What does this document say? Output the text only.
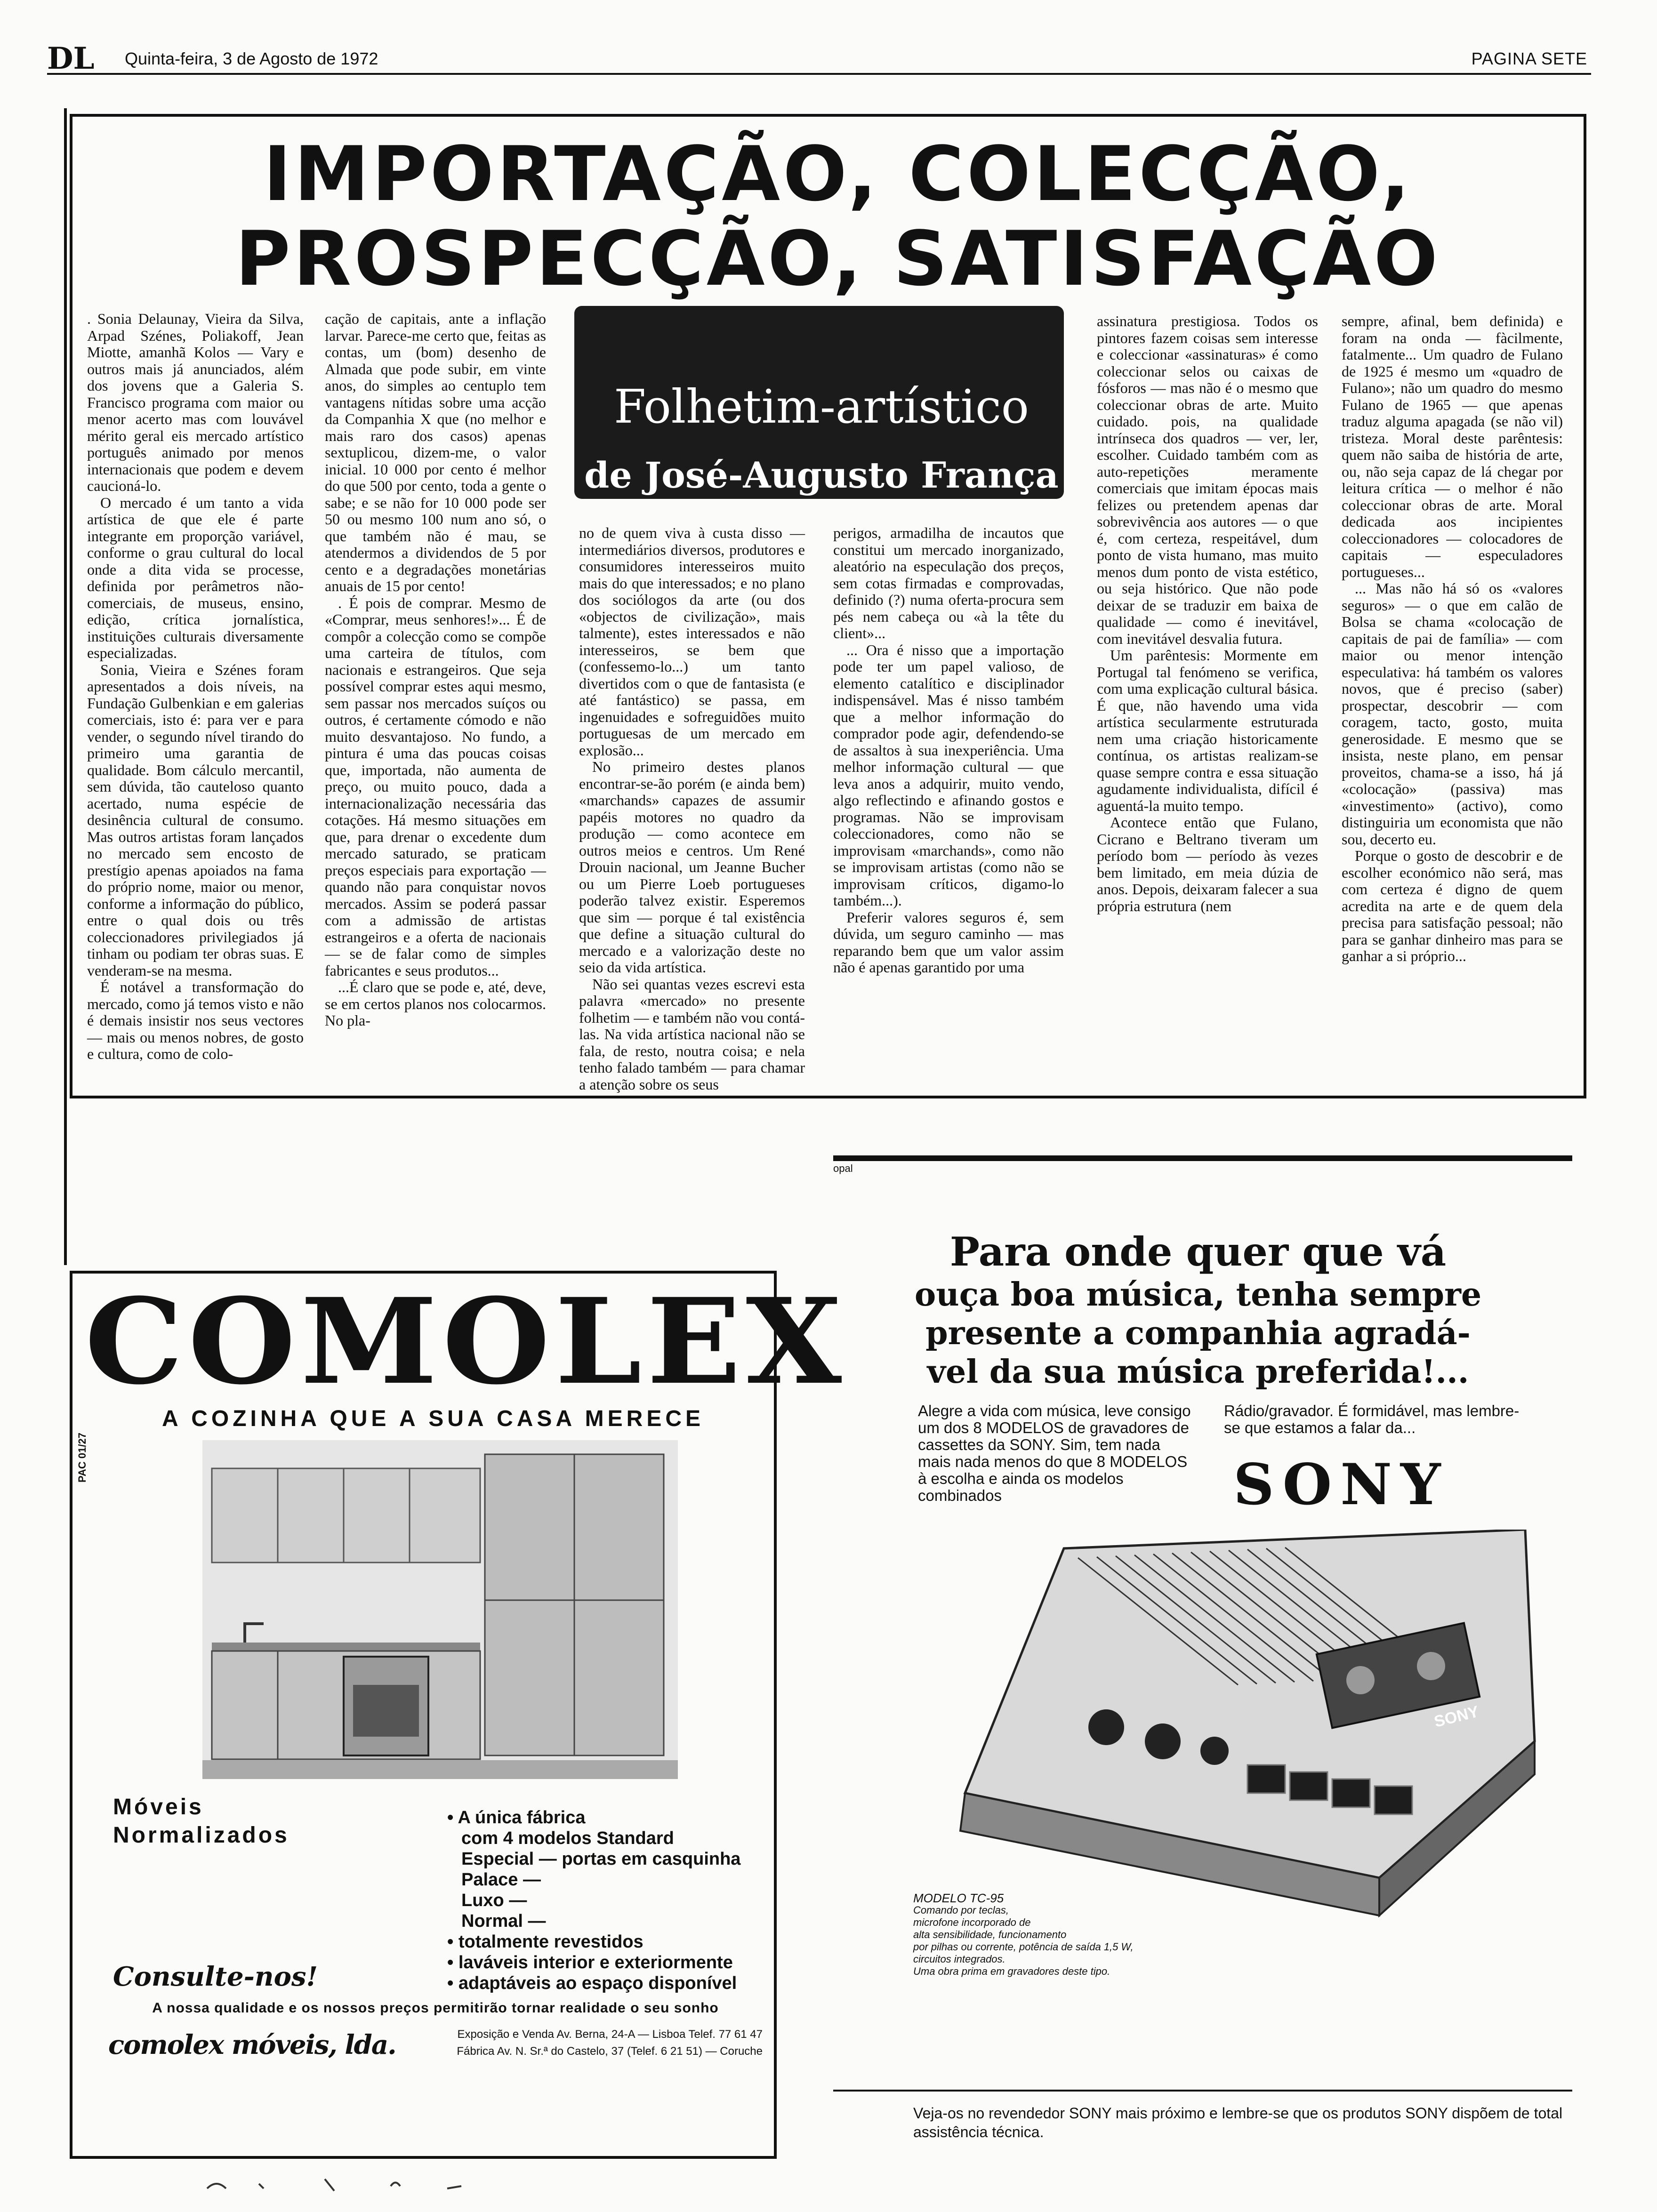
DL Quinta-feira, 3 de Agosto de 1972	PAGINA SETE
IMPORTAÇÃO, COLECÇÃO,
PROSPECÇÃO, SATISFAÇÃO
Folhetim-artístico
de José-Augusto França

. Sonia Delaunay, Vieira da Silva, Arpad Szénes, Poliakoff, Jean Miotte, amanhã Kolos — Vary e outros mais já anunciados, além dos jovens que a Galeria S. Francisco programa com maior ou menor acerto mas com louvável mérito geral eis mercado artístico português animado por menos internacionais que podem e devem caucioná-lo.

O mercado é um tanto a vida artística de que ele é parte integrante em proporção variável, conforme o grau cultural do local onde a dita vida se processe, definida por perâmetros não-comerciais, de museus, ensino, edição, crítica jornalística, instituições culturais diversamente especializadas.

Sonia, Vieira e Szénes foram apresentados a dois níveis, na Fundação Gulbenkian e em galerias comerciais, isto é: para ver e para vender, o segundo nível tirando do primeiro uma garantia de qualidade. Bom cálculo mercantil, sem dúvida, tão cauteloso quanto acertado, numa espécie de desinência cultural de consumo. Mas outros artistas foram lançados no mercado sem encosto de prestígio apenas apoiados na fama do próprio nome, maior ou menor, conforme a informação do público, entre o qual dois ou três coleccionadores privilegiados já tinham ou podiam ter obras suas. E venderam-se na mesma.

É notável a transformação do mercado, como já temos visto e não é demais insistir nos seus vectores — mais ou menos nobres, de gosto e cultura, como de colo-

cação de capitais, ante a inflação larvar. Parece-me certo que, feitas as contas, um (bom) desenho de Almada que pode subir, em vinte anos, do simples ao centuplo tem vantagens nítidas sobre uma acção da Companhia X que (no melhor e mais raro dos casos) apenas sextuplicou, dizem-me, o valor inicial. 10 000 por cento é melhor do que 500 por cento, toda a gente o sabe; e se não for 10 000 pode ser 50 ou mesmo 100 num ano só, o que também não é mau, se atendermos a dividendos de 5 por cento e a degradações monetárias anuais de 15 por cento!

. É pois de comprar. Mesmo de «Comprar, meus senhores!»... É de compôr a colecção como se compõe uma carteira de títulos, com nacionais e estrangeiros. Que seja possível comprar estes aqui mesmo, sem passar nos mercados suíços ou outros, é certamente cómodo e não muito desvantajoso. No fundo, a pintura é uma das poucas coisas que, importada, não aumenta de preço, ou muito pouco, dada a internacionalização necessária das cotações. Há mesmo situações em que, para drenar o excedente dum mercado saturado, se praticam preços especiais para exportação — quando não para conquistar novos mercados. Assim se poderá passar com a admissão de artistas estrangeiros e a oferta de nacionais — se de falar como de simples fabricantes e seus produtos...

...É claro que se pode e, até, deve, se em certos planos nos colocarmos. No pla-

no de quem viva à custa disso — intermediários diversos, produtores e consumidores interesseiros muito mais do que interessados; e no plano dos sociólogos da arte (ou dos «objectos de civilização», mais talmente), estes interessados e não interesseiros, se bem que (confessemo-lo...) um tanto divertidos com o que de fantasista (e até fantástico) se passa, em ingenuidades e sofreguidões muito portuguesas de um mercado em explosão...

No primeiro destes planos encontrar-se-ão porém (e ainda bem) «marchands» capazes de assumir papéis motores no quadro da produção — como acontece em outros meios e centros. Um René Drouin nacional, um Jeanne Bucher ou um Pierre Loeb portugueses poderão talvez existir. Esperemos que sim — porque é tal existência que define a situação cultural do mercado e a valorização deste no seio da vida artística.

Não sei quantas vezes escrevi esta palavra «mercado» no presente folhetim — e também não vou contá-las. Na vida artística nacional não se fala, de resto, noutra coisa; e nela tenho falado também — para chamar a atenção sobre os seus

perigos, armadilha de incautos que constitui um mercado inorganizado, aleatório na especulação dos preços, sem cotas firmadas e comprovadas, definido (?) numa oferta-procura sem pés nem cabeça ou «à la tête du client»...

... Ora é nisso que a importação pode ter um papel valioso, de elemento catalítico e disciplinador indispensável. Mas é nisso também que a melhor informação do comprador pode agir, defendendo-se de assaltos à sua inexperiência. Uma melhor informação cultural — que leva anos a adquirir, muito vendo, algo reflectindo e afinando gostos e programas. Não se improvisam coleccionadores, como não se improvisam «marchands», como não se improvisam artistas (como não se improvisam críticos, digamo-lo também...).

Preferir valores seguros é, sem dúvida, um seguro caminho — mas reparando bem que um valor assim não é apenas garantido por uma

assinatura prestigiosa. Todos os pintores fazem coisas sem interesse e coleccionar «assinaturas» é como coleccionar selos ou caixas de fósforos — mas não é o mesmo que coleccionar obras de arte. Muito cuidado. pois, na qualidade intrínseca dos quadros — ver, ler, escolher. Cuidado também com as auto-repetições meramente comerciais que imitam épocas mais felizes ou pretendem apenas dar sobrevivência aos autores — o que é, com certeza, respeitável, dum ponto de vista humano, mas muito menos dum ponto de vista estético, ou seja histórico. Que não pode deixar de se traduzir em baixa de qualidade — como é inevitável, com inevitável desvalia futura.

Um parêntesis: Mormente em Portugal tal fenómeno se verifica, com uma explicação cultural básica. É que, não havendo uma vida artística secularmente estruturada nem uma criação historicamente contínua, os artistas realizam-se quase sempre contra e essa situação agudamente individualista, difícil é aguentá-la muito tempo.

Acontece então que Fulano, Cicrano e Beltrano tiveram um período bom — período às vezes bem limitado, em meia dúzia de anos. Depois, deixaram falecer a sua própria estrutura (nem

sempre, afinal, bem definida) e foram na onda — fàcilmente, fatalmente... Um quadro de Fulano de 1925 é mesmo um «quadro de Fulano»; não um quadro do mesmo Fulano de 1965 — que apenas traduz alguma apagada (se não vil) tristeza. Moral deste parêntesis: quem não saiba de história de arte, ou, não seja capaz de lá chegar por leitura crítica — o melhor é não coleccionar obras de arte. Moral dedicada aos incipientes coleccionadores — colocadores de capitais — especuladores portugueses...

... Mas não há só os «valores seguros» — o que em calão de Bolsa se chama «colocação de capitais de pai de família» — com maior ou menor intenção especulativa: há também os valores novos, que é preciso (saber) prospectar, descobrir — com coragem, tacto, gosto, muita generosidade. E mesmo que se insista, neste plano, em pensar proveitos, chama-se a isso, há já «colocação» (passiva) mas «investimento» (activo), como distinguiria um economista que não sou, decerto eu.

Porque o gosto de descobrir e de escolher económico não será, mas com certeza é digno de quem acredita na arte e de quem dela precisa para satisfação pessoal; não para se ganhar dinheiro mas para se ganhar a si próprio...

COMOLEX
A COZINHA QUE A SUA CASA MERECE
PAC 01/27
Móveis
Normalizados
• A única fábrica
com 4 modelos Standard
Especial — portas em casquinha
Palace —
Luxo —
Normal —
• totalmente revestidos
• laváveis interior e exteriormente
• adaptáveis ao espaço disponível
Consulte-nos!
A nossa qualidade e os nossos preços permitirão tornar realidade o seu sonho
comolex móveis, lda.	Exposição e Venda Av. Berna, 24-A — Lisboa Telef. 77 61 47
Fábrica Av. N. Sr.ª do Castelo, 37 (Telef. 6 21 51) — Coruche
opal
Para onde quer que vá
ouça boa música, tenha sempre
presente a companhia agradá-
vel da sua música preferida!...
Alegre a vida com música, leve consigo um dos 8 MODELOS de gravadores de cassettes da SONY. Sim, tem nada mais nada menos do que 8 MODELOS à escolha e ainda os modelos combinados
Rádio/gravador. É formidável, mas lembre-se que estamos a falar da...
SONY
SONY
MODELO TC-95
Comando por teclas,
microfone incorporado de
alta sensibilidade, funcionamento
por pilhas ou corrente, potência de saída 1,5 W,
circuitos integrados.
Uma obra prima em gravadores deste tipo.
Veja-os no revendedor SONY mais próximo e lembre-se que os produtos SONY dispõem de total assistência técnica.
